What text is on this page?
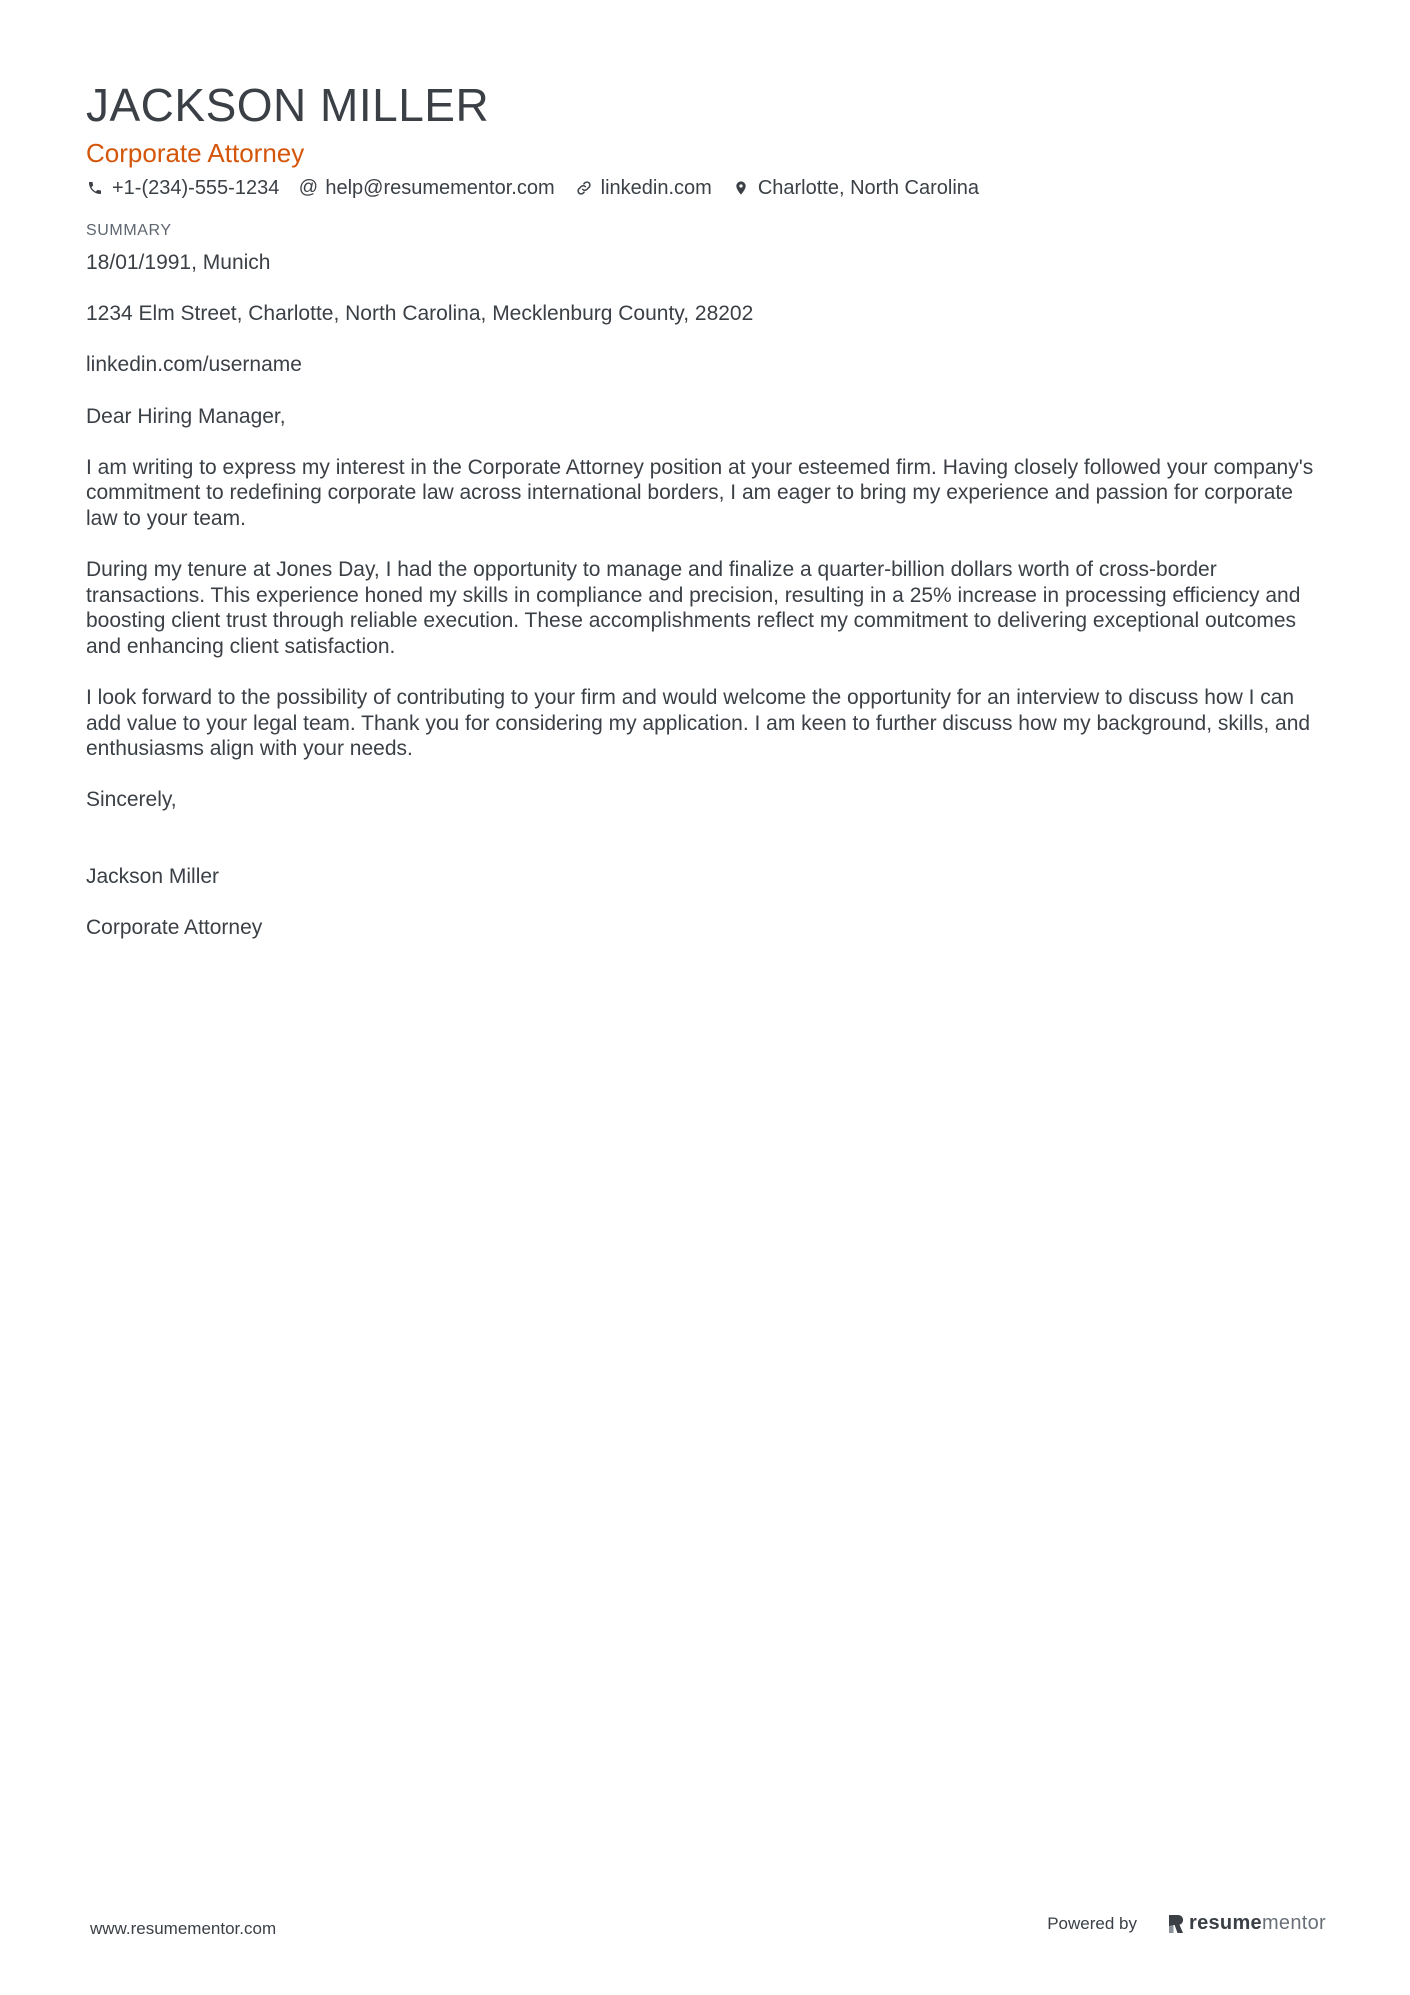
JACKSON MILLER
Corporate Attorney
+1-(234)-555-1234 @ help@resumementor.com linkedin.com Charlotte, North Carolina
SUMMARY

18/01/1991, Munich

1234 Elm Street, Charlotte, North Carolina, Mecklenburg County, 28202

linkedin.com/username

Dear Hiring Manager,

I am writing to express my interest in the Corporate Attorney position at your esteemed firm. Having closely followed your company's commitment to redefining corporate law across international borders, I am eager to bring my experience and passion for corporate law to your team.

During my tenure at Jones Day, I had the opportunity to manage and finalize a quarter-billion dollars worth of cross-border transactions. This experience honed my skills in compliance and precision, resulting in a 25% increase in processing efficiency and boosting client trust through reliable execution. These accomplishments reflect my commitment to delivering exceptional outcomes and enhancing client satisfaction.

I look forward to the possibility of contributing to your firm and would welcome the opportunity for an interview to discuss how I can add value to your legal team. Thank you for considering my application. I am keen to further discuss how my background, skills, and enthusiasms align with your needs.

Sincerely,

Jackson Miller

Corporate Attorney

www.resumementor.com	Powered by	resume mentor
